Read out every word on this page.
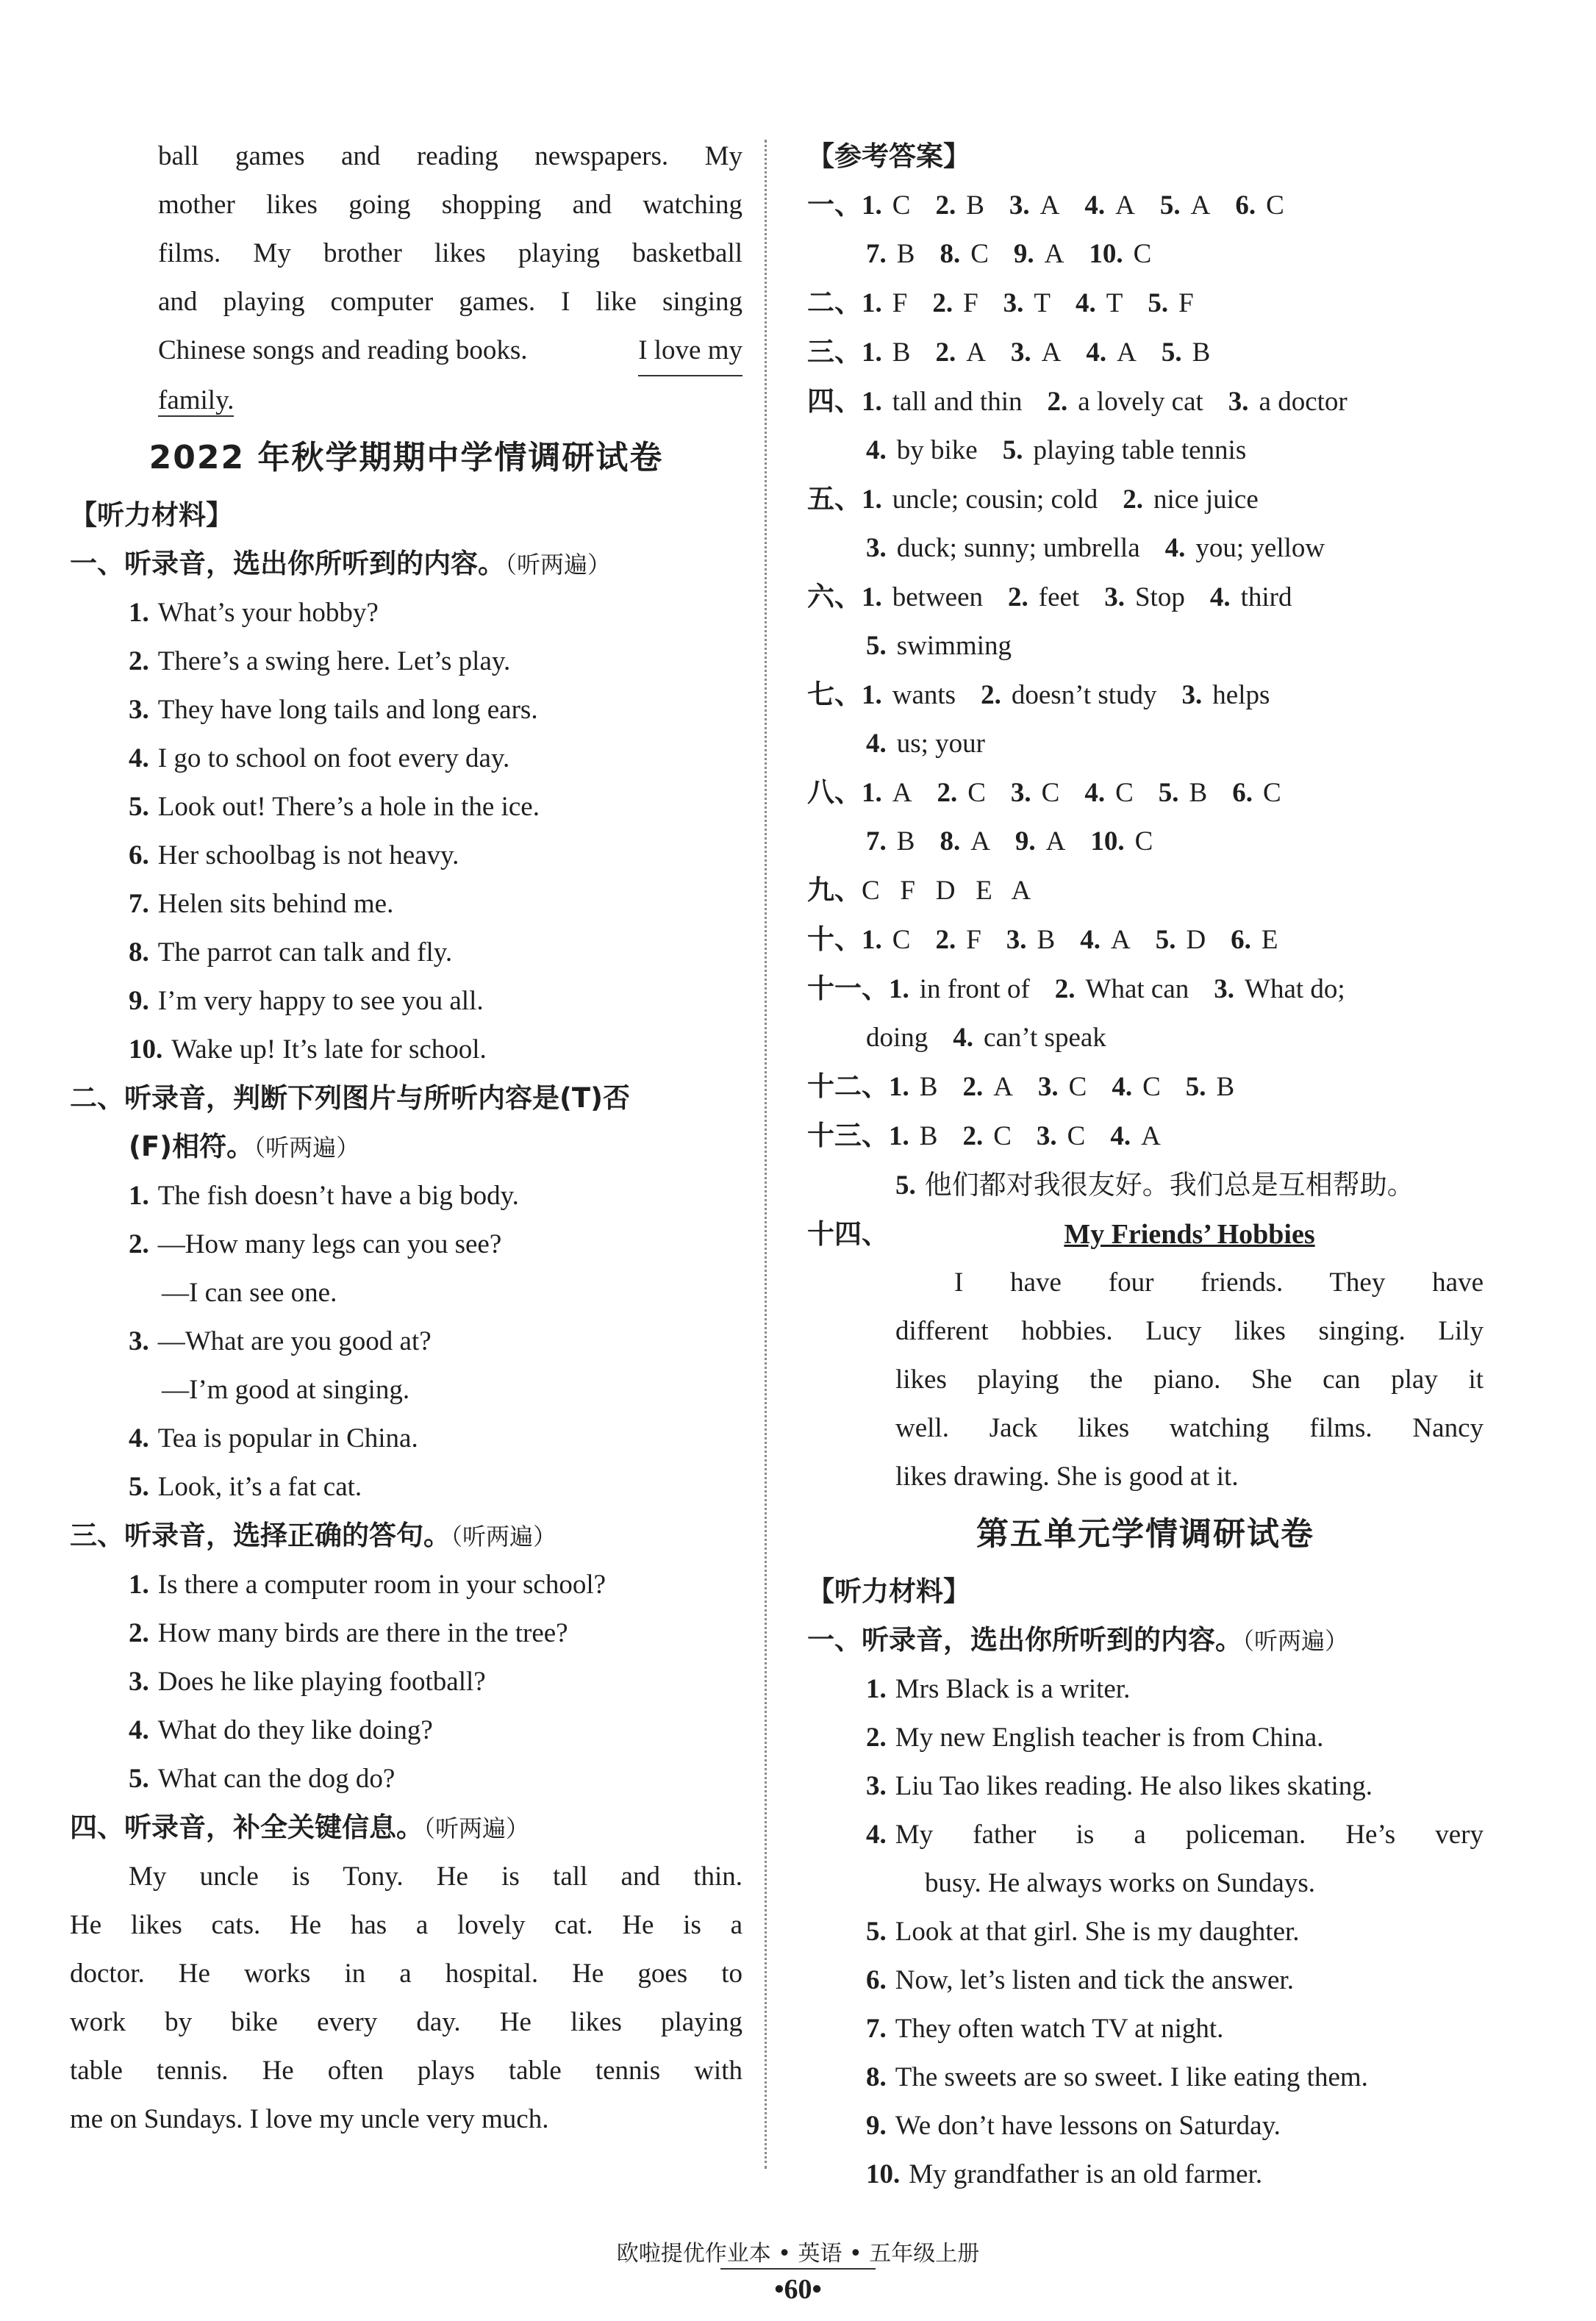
ball games and reading newspapers. My
mother likes going shopping and watching
films. My brother likes playing basketball
and playing computer games. I like singing
Chinese songs and reading books.	I love my
family.
2022 年秋学期期中学情调研试卷
【听力材料】
一、听录音，选出你所听到的内容。（听两遍）
1. What’s your hobby?
2. There’s a swing here. Let’s play.
3. They have long tails and long ears.
4. I go to school on foot every day.
5. Look out! There’s a hole in the ice.
6. Her schoolbag is not heavy.
7. Helen sits behind me.
8. The parrot can talk and fly.
9. I’m very happy to see you all.
10. Wake up! It’s late for school.
二、听录音，判断下列图片与所听内容是(T)否
(F)相符。（听两遍）
1. The fish doesn’t have a big body.
2. —How many legs can you see?
—I can see one.
3. —What are you good at?
—I’m good at singing.
4. Tea is popular in China.
5. Look, it’s a fat cat.
三、听录音，选择正确的答句。（听两遍）
1. Is there a computer room in your school?
2. How many birds are there in the tree?
3. Does he like playing football?
4. What do they like doing?
5. What can the dog do?
四、听录音，补全关键信息。（听两遍）
My uncle is Tony. He is tall and thin.
He likes cats. He has a lovely cat. He is a
doctor. He works in a hospital. He goes to
work by bike every day. He likes playing
table tennis. He often plays table tennis with
me on Sundays. I love my uncle very much.
【参考答案】
一、1. C 2. B 3. A 4. A 5. A 6. C
7. B 8. C 9. A 10. C
二、1. F 2. F 3. T 4. T 5. F
三、1. B 2. A 3. A 4. A 5. B
四、1. tall and thin 2. a lovely cat 3. a doctor
4. by bike 5. playing table tennis
五、1. uncle; cousin; cold 2. nice juice
3. duck; sunny; umbrella 4. you; yellow
六、1. between 2. feet 3. Stop 4. third
5. swimming
七、1. wants 2. doesn’t study 3. helps
4. us; your
八、1. A 2. C 3. C 4. C 5. B 6. C
7. B 8. A 9. A 10. C
九、C   F   D   E   A
十、1. C 2. F 3. B 4. A 5. D 6. E
十一、1. in front of 2. What can 3. What do;
doing 4. can’t speak
十二、1. B 2. A 3. C 4. C 5. B
十三、1. B 2. C 3. C 4. A
5. 他们都对我很友好。我们总是互相帮助。
十四、	My Friends’ Hobbies
I have four friends. They have
different hobbies. Lucy likes singing. Lily
likes playing the piano. She can play it
well. Jack likes watching films. Nancy
likes drawing. She is good at it.
第五单元学情调研试卷
【听力材料】
一、听录音，选出你所听到的内容。（听两遍）
1. Mrs Black is a writer.
2. My new English teacher is from China.
3. Liu Tao likes reading. He also likes skating.
4. My father is a policeman. He’s very
busy. He always works on Sundays.
5. Look at that girl. She is my daughter.
6. Now, let’s listen and tick the answer.
7. They often watch TV at night.
8. The sweets are so sweet. I like eating them.
9. We don’t have lessons on Saturday.
10. My grandfather is an old farmer.
欧啦提优作业本 • 英语 • 五年级上册
•60•
